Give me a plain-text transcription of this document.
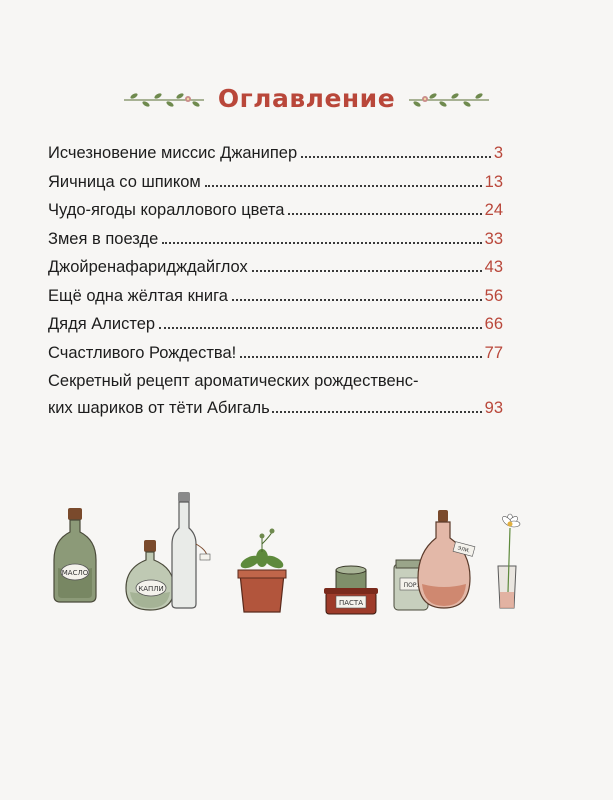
Оглавление
Исчезновение миссис Джанипер	3
Яичница со шпиком	13
Чудо-ягоды кораллового цвета	24
Змея в поезде	33
Джойренафаридждайглох	43
Ещё одна жёлтая книга	56
Дядя Алистер	66
Счастливого Рождества!	77
Секретный рецепт ароматических рождественс-
ких шариков от тёти Абигаль	93
МАСЛО
КАПЛИ
ПАСТА
ПОР.
ЭЛИ.
